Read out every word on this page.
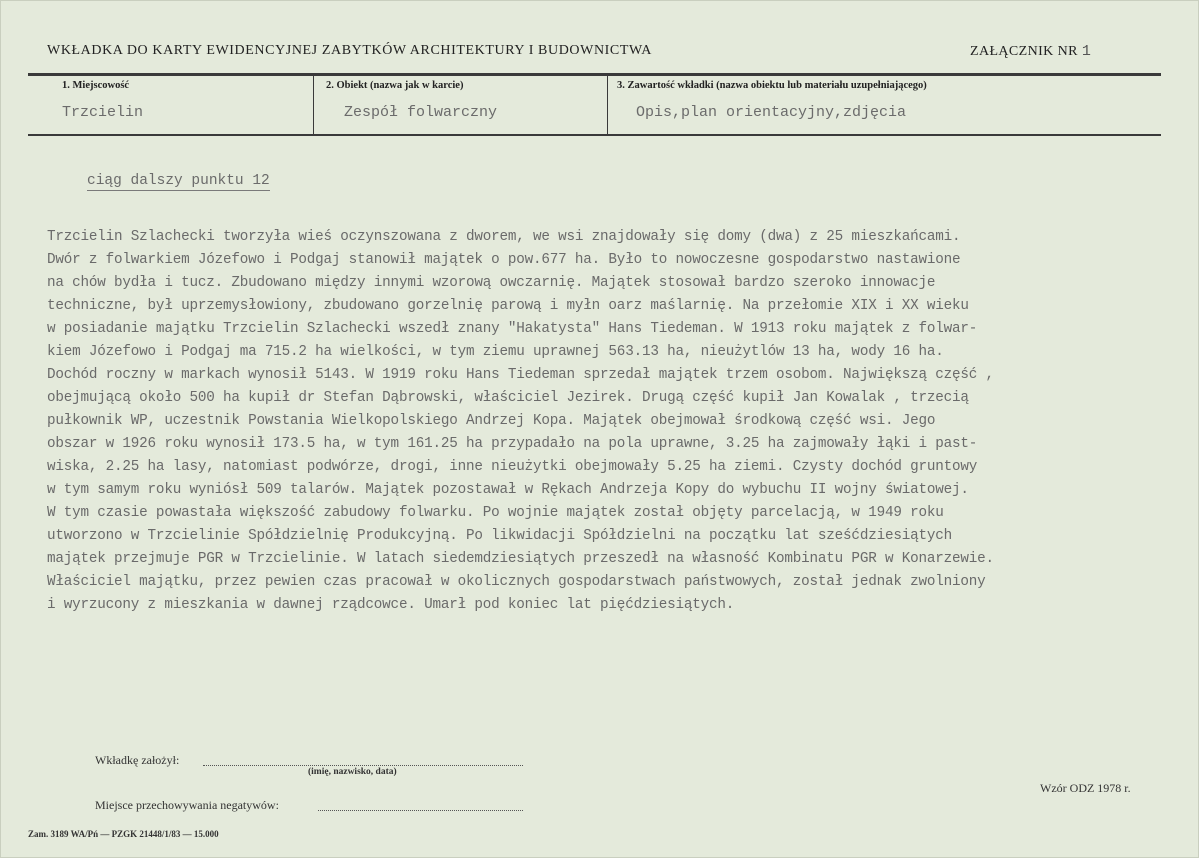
WKŁADKA DO KARTY EWIDENCYJNEJ ZABYTKÓW ARCHITEKTURY I BUDOWNICTWA	ZAŁĄCZNIK NR 1
1. Miejscowość
Trzcielin
2. Obiekt (nazwa jak w karcie)
Zespół folwarczny
3. Zawartość wkładki (nazwa obiektu lub materiału uzupełniającego)
Opis,plan orientacyjny,zdjęcia
ciąg dalszy punktu 12
Trzcielin Szlachecki tworzyła wieś oczynszowana z dworem, we wsi znajdowały się domy (dwa) z 25 mieszkańcami.
Dwór z folwarkiem Józefowo i Podgaj stanowił majątek o pow.677 ha. Było to nowoczesne gospodarstwo nastawione
na chów bydła i tucz. Zbudowano między innymi wzorową owczarnię. Majątek stosował bardzo szeroko innowacje
techniczne, był uprzemysłowiony, zbudowano gorzelnię parową i myłn oarz maślarnię. Na przełomie XIX i XX wieku
w posiadanie majątku Trzcielin Szlachecki wszedł znany "Hakatysta" Hans Tiedeman. W 1913 roku majątek z folwar-
kiem Józefowo i Podgaj ma 715.2 ha wielkości, w tym ziemu uprawnej 563.13 ha, nieużytlów 13 ha, wody 16 ha.
Dochód roczny w markach wynosił 5143. W 1919 roku Hans Tiedeman sprzedał majątek trzem osobom. Największą część ,
obejmującą około 500 ha kupił dr Stefan Dąbrowski, właściciel Jezirek. Drugą część kupił Jan Kowalak , trzecią
pułkownik WP, uczestnik Powstania Wielkopolskiego Andrzej Kopa. Majątek obejmował środkową część wsi. Jego
obszar w 1926 roku wynosił 173.5 ha, w tym 161.25 ha przypadało na pola uprawne, 3.25 ha zajmowały łąki i past-
wiska, 2.25 ha lasy, natomiast podwórze, drogi, inne nieużytki obejmowały 5.25 ha ziemi. Czysty dochód gruntowy
w tym samym roku wyniósł 509 talarów. Majątek pozostawał w Rękach Andrzeja Kopy do wybuchu II wojny światowej.
W tym czasie powastała większość zabudowy folwarku. Po wojnie majątek został objęty parcelacją, w 1949 roku
utworzono w Trzcielinie Spółdzielnię Produkcyjną. Po likwidacji Spółdzielni na początku lat sześćdziesiątych
majątek przejmuje PGR w Trzcielinie. W latach siedemdziesiątych przeszedł na własność Kombinatu PGR w Konarzewie.
Właściciel majątku, przez pewien czas pracował w okolicznych gospodarstwach państwowych, został jednak zwolniony
i wyrzucony z mieszkania w dawnej rządcowce. Umarł pod koniec lat pięćdziesiątych.
Wkładkę założył:
(imię, nazwisko, data)
Wzór ODZ 1978 r.
Miejsce przechowywania negatywów:
Zam. 3189 WA/Pń — PZGK 21448/1/83 — 15.000
